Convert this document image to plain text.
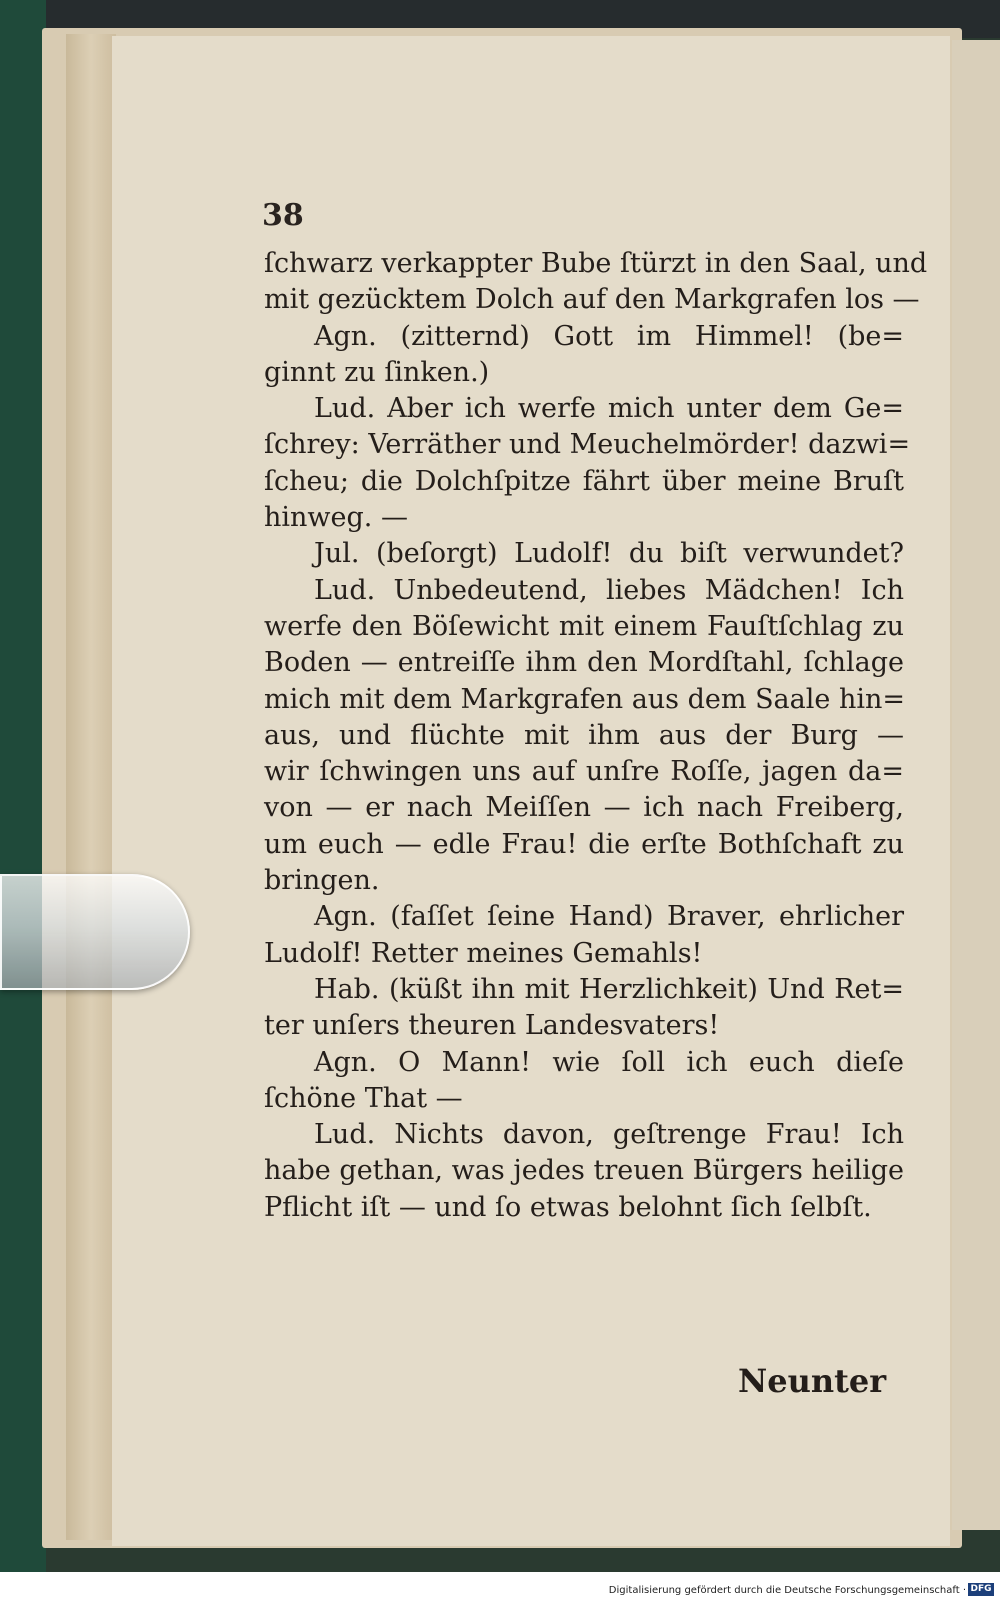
38
ſchwarz verkappter Bube ſtürzt in den Saal, und
mit gezücktem Dolch auf den Markgrafen los —
Agn. (zitternd) Gott im Himmel! (be=
ginnt zu ſinken.)
Lud. Aber ich werfe mich unter dem Ge=
ſchrey: Verräther und Meuchelmörder! dazwi=
ſcheu; die Dolchſpitze fährt über meine Bruſt
hinweg. —
Jul. (beſorgt) Ludolf! du biſt verwundet?
Lud. Unbedeutend, liebes Mädchen! Ich
werfe den Böſewicht mit einem Fauſtſchlag zu
Boden — entreiſſe ihm den Mordſtahl, ſchlage
mich mit dem Markgrafen aus dem Saale hin=
aus, und flüchte mit ihm aus der Burg —
wir ſchwingen uns auf unſre Roſſe, jagen da=
von — er nach Meiſſen — ich nach Freiberg,
um euch — edle Frau! die erſte Bothſchaft zu
bringen.
Agn. (faſſet ſeine Hand) Braver, ehrlicher
Ludolf! Retter meines Gemahls!
Hab. (küßt ihn mit Herzlichkeit) Und Ret=
ter unſers theuren Landesvaters!
Agn. O Mann! wie ſoll ich euch dieſe
ſchöne That —
Lud. Nichts davon, geſtrenge Frau! Ich
habe gethan, was jedes treuen Bürgers heilige
Pflicht iſt — und ſo etwas belohnt ſich ſelbſt.
Neunter
Digitalisierung gefördert durch die Deutsche Forschungsgemeinschaft · DFG
